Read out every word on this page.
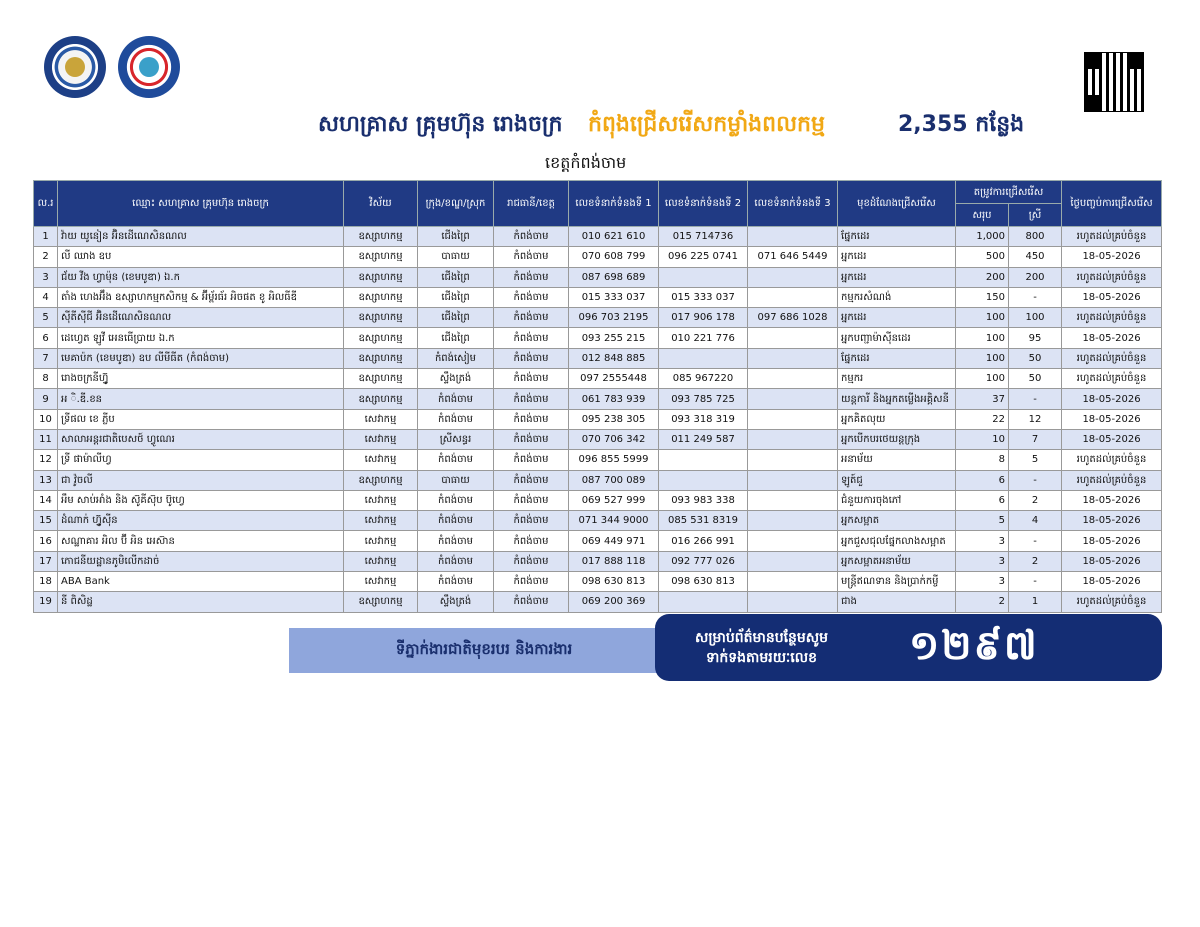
សហគ្រាស គ្រុមហ៊ុន រោងចក្រ កំពុងជ្រើសរើសកម្លាំងពលកម្ម	2,355 កន្លែង
ខេត្តកំពង់ចាម
ល.រ	ឈ្មោះ សហគ្រាស គ្រុមហ៊ុន រោងចក្រ	វិស័យ	ក្រុង/ខណ្ឌ/ស្រុក	រាជធានី/ខេត្ត	លេខទំនាក់ទំនងទី 1	លេខទំនាក់ទំនងទី 2	លេខទំនាក់ទំនងទី 3	មុខដំណែងជ្រើសរើស	តម្រូវការជ្រើសរើស		ថ្ងៃបញ្ចប់ការជ្រើសរើស
									សរុប	ស្រី	
1	វ៉ាយ យូនៀន អ៊ិនដើណេសិនណល	ឧស្សាហកម្ម	ជើងព្រៃ	កំពង់ចាម	010 621 610	015 714736		ផ្នែកដេរ	1,000	800	រហូតដល់គ្រប់ចំនួន
2	លី ឈាង ឧប	ឧស្សាហកម្ម	បាធាយ	កំពង់ចាម	070 608 799	096 225 0741	071 646 5449	អ្នកដេរ	500	450	18-05-2026
3	ជ័យ វីង ហ្វាម៉ុន (ខេមបូឌា) ឯ.ក	ឧស្សាហកម្ម	ជើងព្រៃ	កំពង់ចាម	087 698 689			អ្នកដេរ	200	200	រហូតដល់គ្រប់ចំនួន
4	តាំង ហេងអ៊ឹង ឧស្សាហកម្មកសិកម្ម & អ៊ីម្ព័រធ័រ អិចផត ខូ អិលធីឌី	ឧស្សាហកម្ម	ជើងព្រៃ	កំពង់ចាម	015 333 037	015 333 037		កម្មករសំណង់	150	-	18-05-2026
5	ស៊ីតីស៊ីជី អ៊ិនដើណេសិនណល	ឧស្សាហកម្ម	ជើងព្រៃ	កំពង់ចាម	096 703 2195	017 906 178	097 686 1028	អ្នកដេរ	100	100	រហូតដល់គ្រប់ចំនួន
6	ដេហ្វេត ឡូវី អេនធើប្រាយ ឯ.ក	ឧស្សាហកម្ម	ជើងព្រៃ	កំពង់ចាម	093 255 215	010 221 776		អ្នកបញ្ជាម៉ាស៊ីនដេរ	100	95	18-05-2026
7	មេគាប៉ក (ខេមបូឌា) ឧប លីមីធីត (កំពង់ចាម)	ឧស្សាហកម្ម	កំពង់សៀម	កំពង់ចាម	012 848 885			ផ្នែកដេរ	100	50	រហូតដល់គ្រប់ចំនួន
8	រោងចក្រនីហ្វ៊ូ	ឧស្សាហកម្ម	ស្ទឹងត្រង់	កំពង់ចាម	097 2555448	085 967220		កម្មករ	100	50	រហូតដល់គ្រប់ចំនួន
9	អ ិ.ឌី.ខន	ឧស្សាហកម្ម	កំពង់ចាម	កំពង់ចាម	061 783 939	093 785 725		យន្តការី និងអ្នកតម្លើងអគ្គិសនី	37	-	18-05-2026
10	ទ្រីផល ខេ ភ្លីប	សេវាកម្ម	កំពង់ចាម	កំពង់ចាម	095 238 305	093 318 319		អ្នកគិតលុយ	22	12	18-05-2026
11	សាលាអន្តរជាតិបេសថ៍ ហ្វូណេរ	សេវាកម្ម	ស្រីសន្ធរ	កំពង់ចាម	070 706 342	011 249 587		អ្នកបើកបរថេយន្តក្រុង	10	7	18-05-2026
12	ទ្រី ផាម៉ាលីហ្វ	សេវាកម្ម	កំពង់ចាម	កំពង់ចាម	096 855 5999			អនាម័យ	8	5	រហូតដល់គ្រប់ចំនួន
13	ជា វ៉ូចលី	ឧស្សាហកម្ម	បាធាយ	កំពង់ចាម	087 700 089			ឡូត៍ជួ	6	-	រហូតដល់គ្រប់ចំនួន
14	អឹម សាប់អាំង និង ស៊ូគីស៊ុប ប៊ូហ្វេ	សេវាកម្ម	កំពង់ចាម	កំពង់ចាម	069 527 999	093 983 338		ជំនួយការចុងភៅ	6	2	18-05-2026
15	ដំណាក់ ហ្វ៊ូស៊ីន	សេវាកម្ម	កំពង់ចាម	កំពង់ចាម	071 344 9000	085 531 8319		អ្នកសម្អាត	5	4	18-05-2026
16	សណ្ឋាគារ អិល ប៊ី អិន អេស៊ាន	សេវាកម្ម	កំពង់ចាម	កំពង់ចាម	069 449 971	016 266 991		អ្នកជួសជុលផ្នែកលាងសម្អាត	3	-	18-05-2026
17	ភោជនីយដ្ឋានភូមិលើកដាច់	សេវាកម្ម	កំពង់ចាម	កំពង់ចាម	017 888 118	092 777 026		អ្នកសម្អាតអនាម័យ	3	2	18-05-2026
18	ABA Bank	សេវាកម្ម	កំពង់ចាម	កំពង់ចាម	098 630 813	098 630 813		មន្ត្រីឥណទាន និងប្រាក់កម្ចី	3	-	18-05-2026
19	នី ពិសិដ្ឋ	ឧស្សាហកម្ម	ស្ទឹងត្រង់	កំពង់ចាម	069 200 369			ជាង	2	1	រហូតដល់គ្រប់ចំនួន
ទីភ្នាក់ងារជាតិមុខរបរ និងការងារ
សម្រាប់ព័ត៌មានបន្ថែមសូម
ទាក់ទងតាមរយៈលេខ ១២៩៧
